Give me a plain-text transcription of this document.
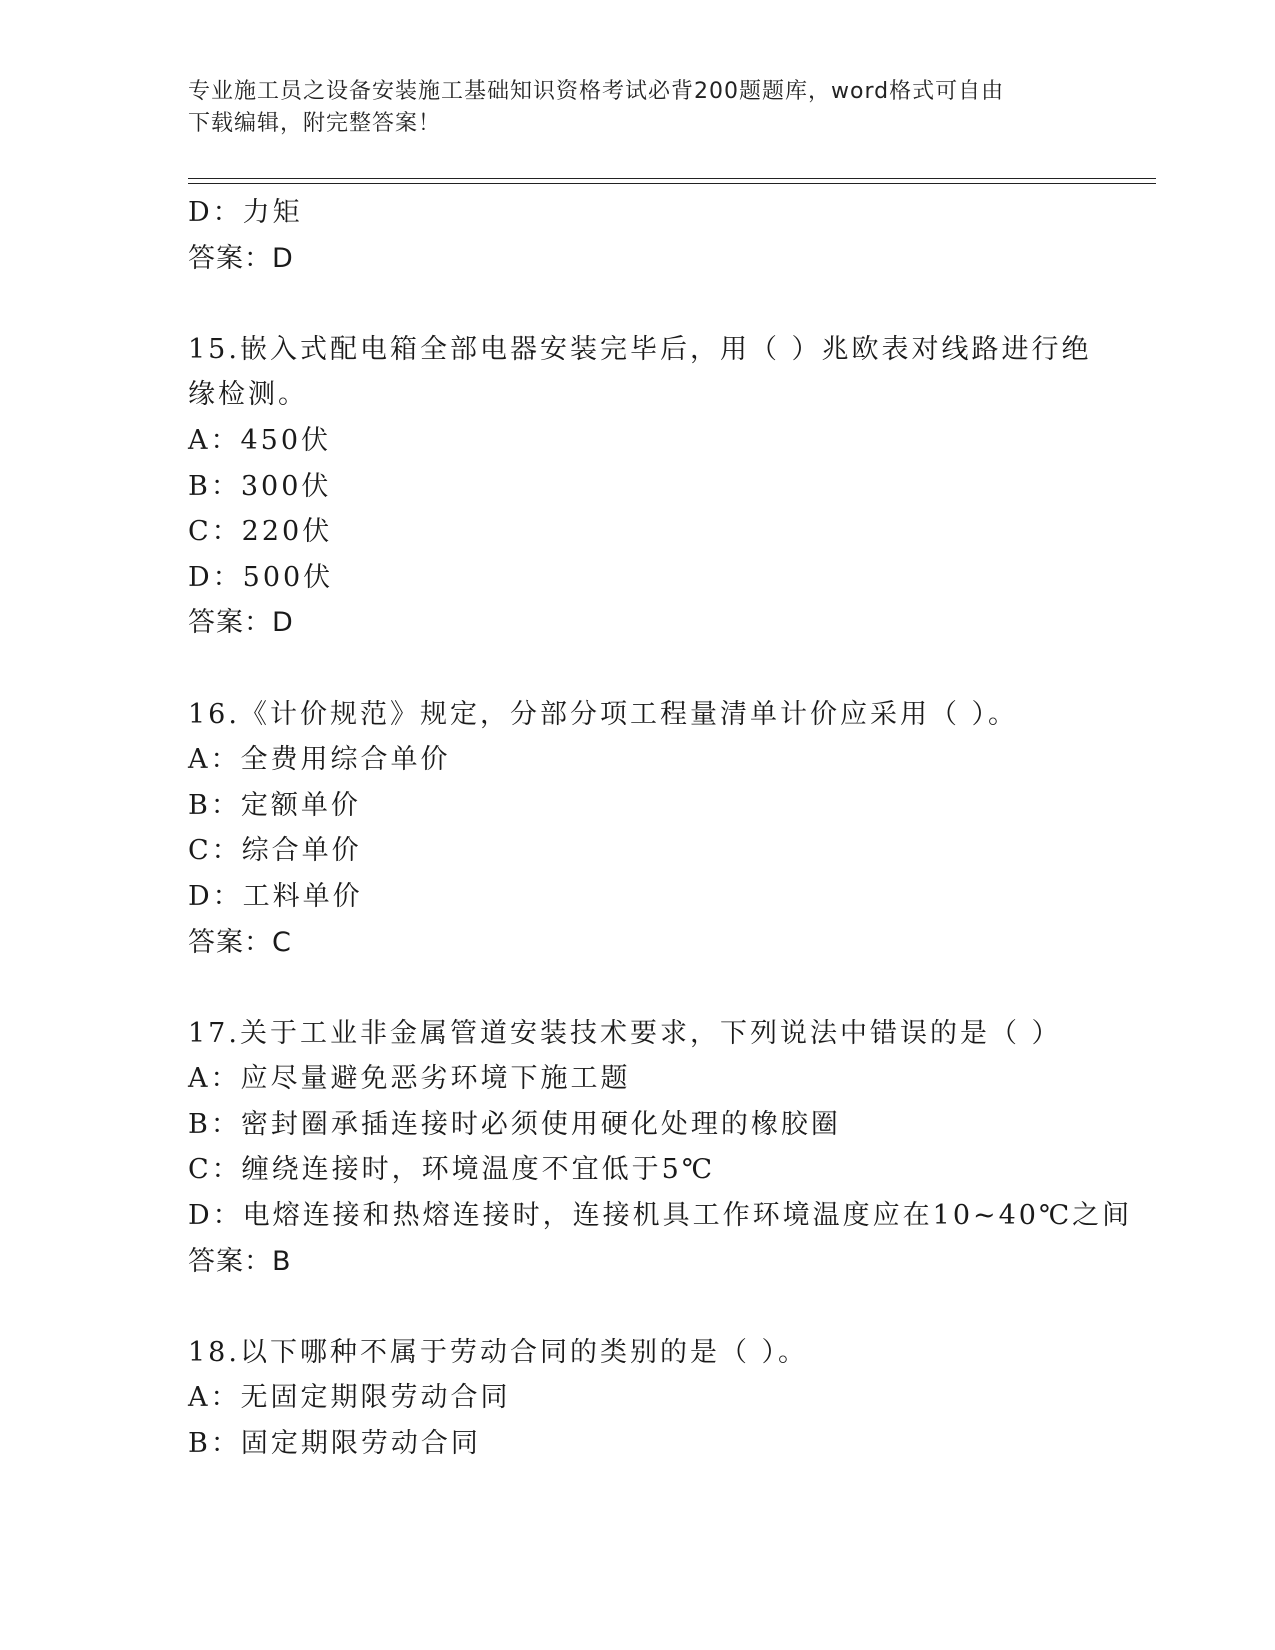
专业施工员之设备安装施工基础知识资格考试必背200题题库，word格式可自由
下载编辑，附完整答案！
D：力矩
答案：D
15.嵌入式配电箱全部电器安装完毕后，用（ ）兆欧表对线路进行绝
缘检测。
A：450伏
B：300伏
C：220伏
D：500伏
答案：D
16.《计价规范》规定，分部分项工程量清单计价应采用（ ）。
A：全费用综合单价
B：定额单价
C：综合单价
D：工料单价
答案：C
17.关于工业非金属管道安装技术要求，下列说法中错误的是（ ）
A：应尽量避免恶劣环境下施工题
B：密封圈承插连接时必须使用硬化处理的橡胶圈
C：缠绕连接时，环境温度不宜低于5℃
D：电熔连接和热熔连接时，连接机具工作环境温度应在10~40℃之间
答案：B
18.以下哪种不属于劳动合同的类别的是（ ）。
A：无固定期限劳动合同
B：固定期限劳动合同
